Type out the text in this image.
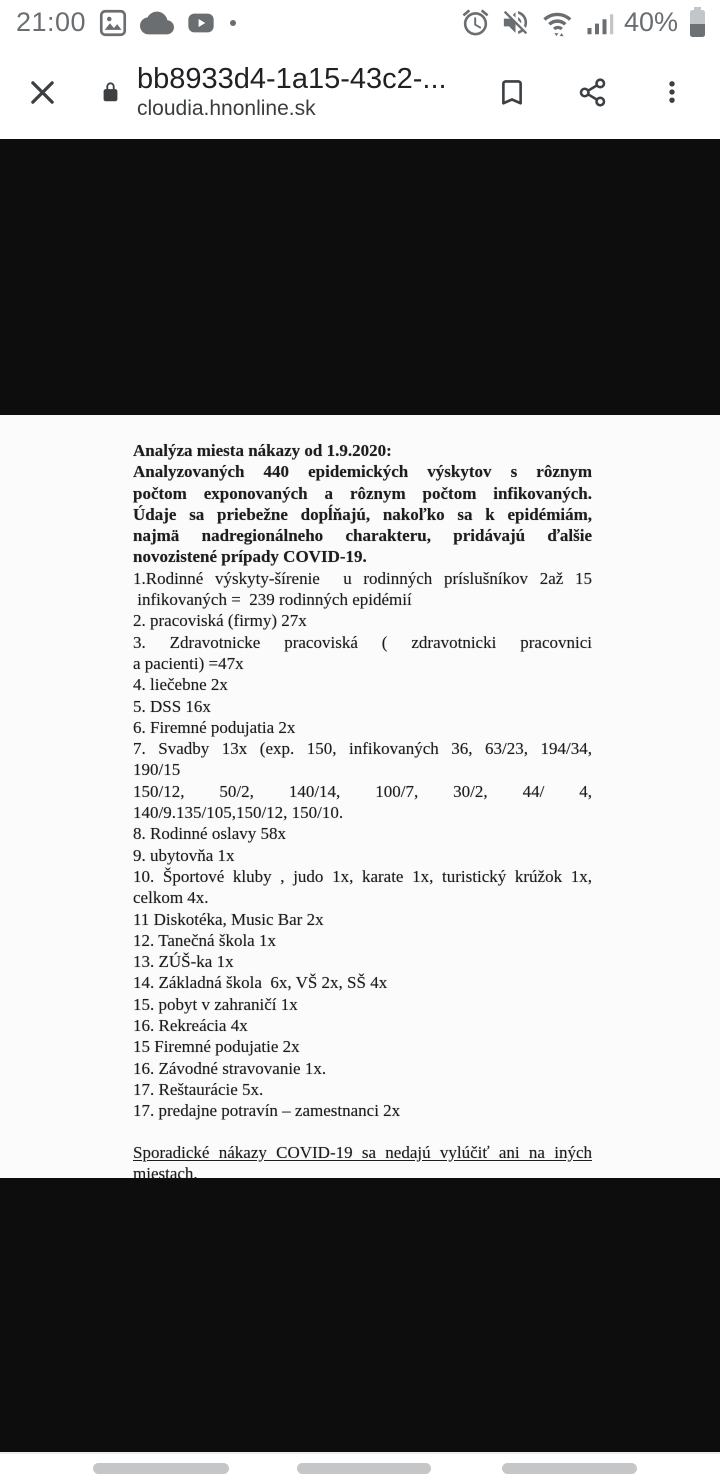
21:00	40%
bb8933d4-1a15-43c2-...
cloudia.hnonline.sk
Analýza miesta nákazy od 1.9.2020:
Analyzovaných 440 epidemických výskytov s rôznym
počtom exponovaných a rôznym počtom infikovaných.
Údaje sa priebežne dopĺňajú, nakoľko sa k epidémiám,
najmä nadregionálneho charakteru, pridávajú ďalšie
novozistené prípady COVID-19.
1.Rodinné výskyty-šírenie  u rodinných príslušníkov 2až 15
infikovaných =  239 rodinných epidémií
2. pracoviská (firmy) 27x
3. Zdravotnicke pracoviská ( zdravotnicki pracovnici
a pacienti) =47x
4. liečebne 2x
5. DSS 16x
6. Firemné podujatia 2x
7. Svadby 13x (exp. 150, infikovaných 36, 63/23, 194/34,
190/15
150/12, 50/2, 140/14, 100/7, 30/2, 44/ 4,
140/9.135/105,150/12, 150/10.
8. Rodinné oslavy 58x
9. ubytovňa 1x
10. Športové kluby , judo 1x, karate 1x, turistický krúžok 1x,
celkom 4x.
11 Diskotéka, Music Bar 2x
12. Tanečná škola 1x
13. ZÚŠ-ka 1x
14. Základná škola  6x, VŠ 2x, SŠ 4x
15. pobyt v zahraničí 1x
16. Rekreácia 4x
15 Firemné podujatie 2x
16. Závodné stravovanie 1x.
17. Reštaurácie 5x.
17. predajne potravín – zamestnanci 2x
Sporadické nákazy COVID-19 sa nedajú vylúčiť ani na iných
miestach.
